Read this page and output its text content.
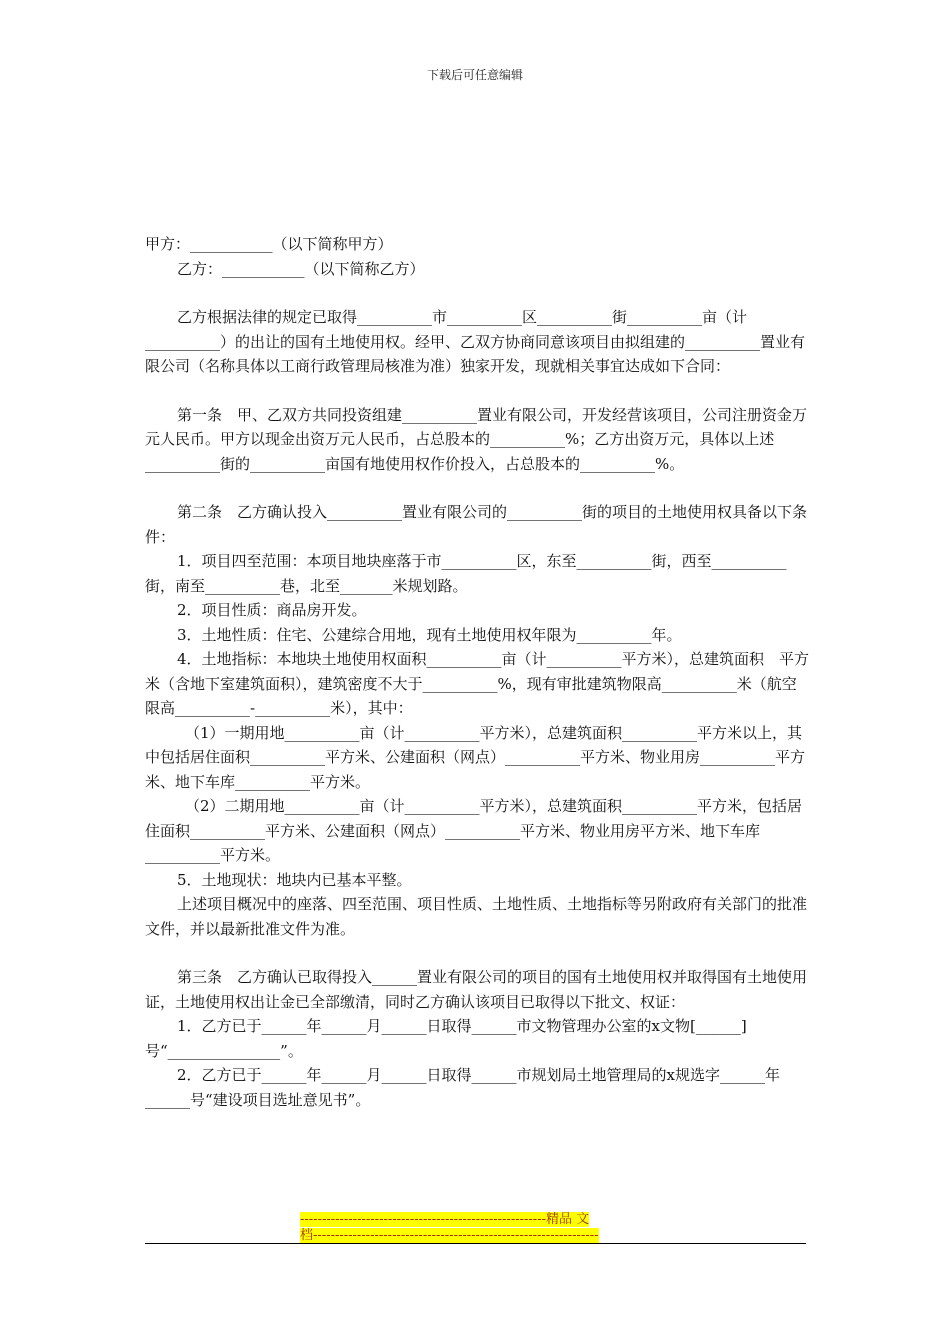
下载后可任意编辑

甲方：___________（以下简称甲方）

乙方：___________（以下简称乙方）

乙方根据法律的规定已取得__________市__________区__________街__________亩（计__________）的出让的国有土地使用权。经甲、乙双方协商同意该项目由拟组建的__________置业有限公司（名称具体以工商行政管理局核准为准）独家开发，现就相关事宜达成如下合同：

第一条　甲、乙双方共同投资组建__________置业有限公司，开发经营该项目，公司注册资金万元人民币。甲方以现金出资万元人民币，占总股本的__________%；乙方出资万元，具体以上述__________街的__________亩国有地使用权作价投入，占总股本的__________%。

第二条　乙方确认投入__________置业有限公司的__________街的项目的土地使用权具备以下条件：

1．项目四至范围：本项目地块座落于市__________区，东至__________街，西至__________街，南至__________巷，北至_______米规划路。

2．项目性质：商品房开发。

3．土地性质：住宅、公建综合用地，现有土地使用权年限为__________年。

4．土地指标：本地块土地使用权面积__________亩（计__________平方米），总建筑面积　平方米（含地下室建筑面积），建筑密度不大于__________%，现有审批建筑物限高__________米（航空限高__________-__________米），其中：

（1）一期用地__________亩（计__________平方米），总建筑面积__________平方米以上，其中包括居住面积__________平方米、公建面积（网点）__________平方米、物业用房__________平方米、地下车库__________平方米。

（2）二期用地__________亩（计__________平方米），总建筑面积__________平方米，包括居住面积__________平方米、公建面积（网点）__________平方米、物业用房平方米、地下车库__________平方米。

5．土地现状：地块内已基本平整。

上述项目概况中的座落、四至范围、项目性质、土地性质、土地指标等另附政府有关部门的批准文件，并以最新批准文件为准。

第三条　乙方确认已取得投入______置业有限公司的项目的国有土地使用权并取得国有土地使用证，土地使用权出让金已全部缴清，同时乙方确认该项目已取得以下批文、权证：

1．乙方已于______年______月______日取得______市文物管理办公室的x文物[______] 号“_______________”。

2．乙方已于______年______月______日取得______市规划局土地管理局的x规选字______年______号“建设项目选址意见书”。

--------------------------------------------------------精品 文
档-----------------------------------------------------------------
